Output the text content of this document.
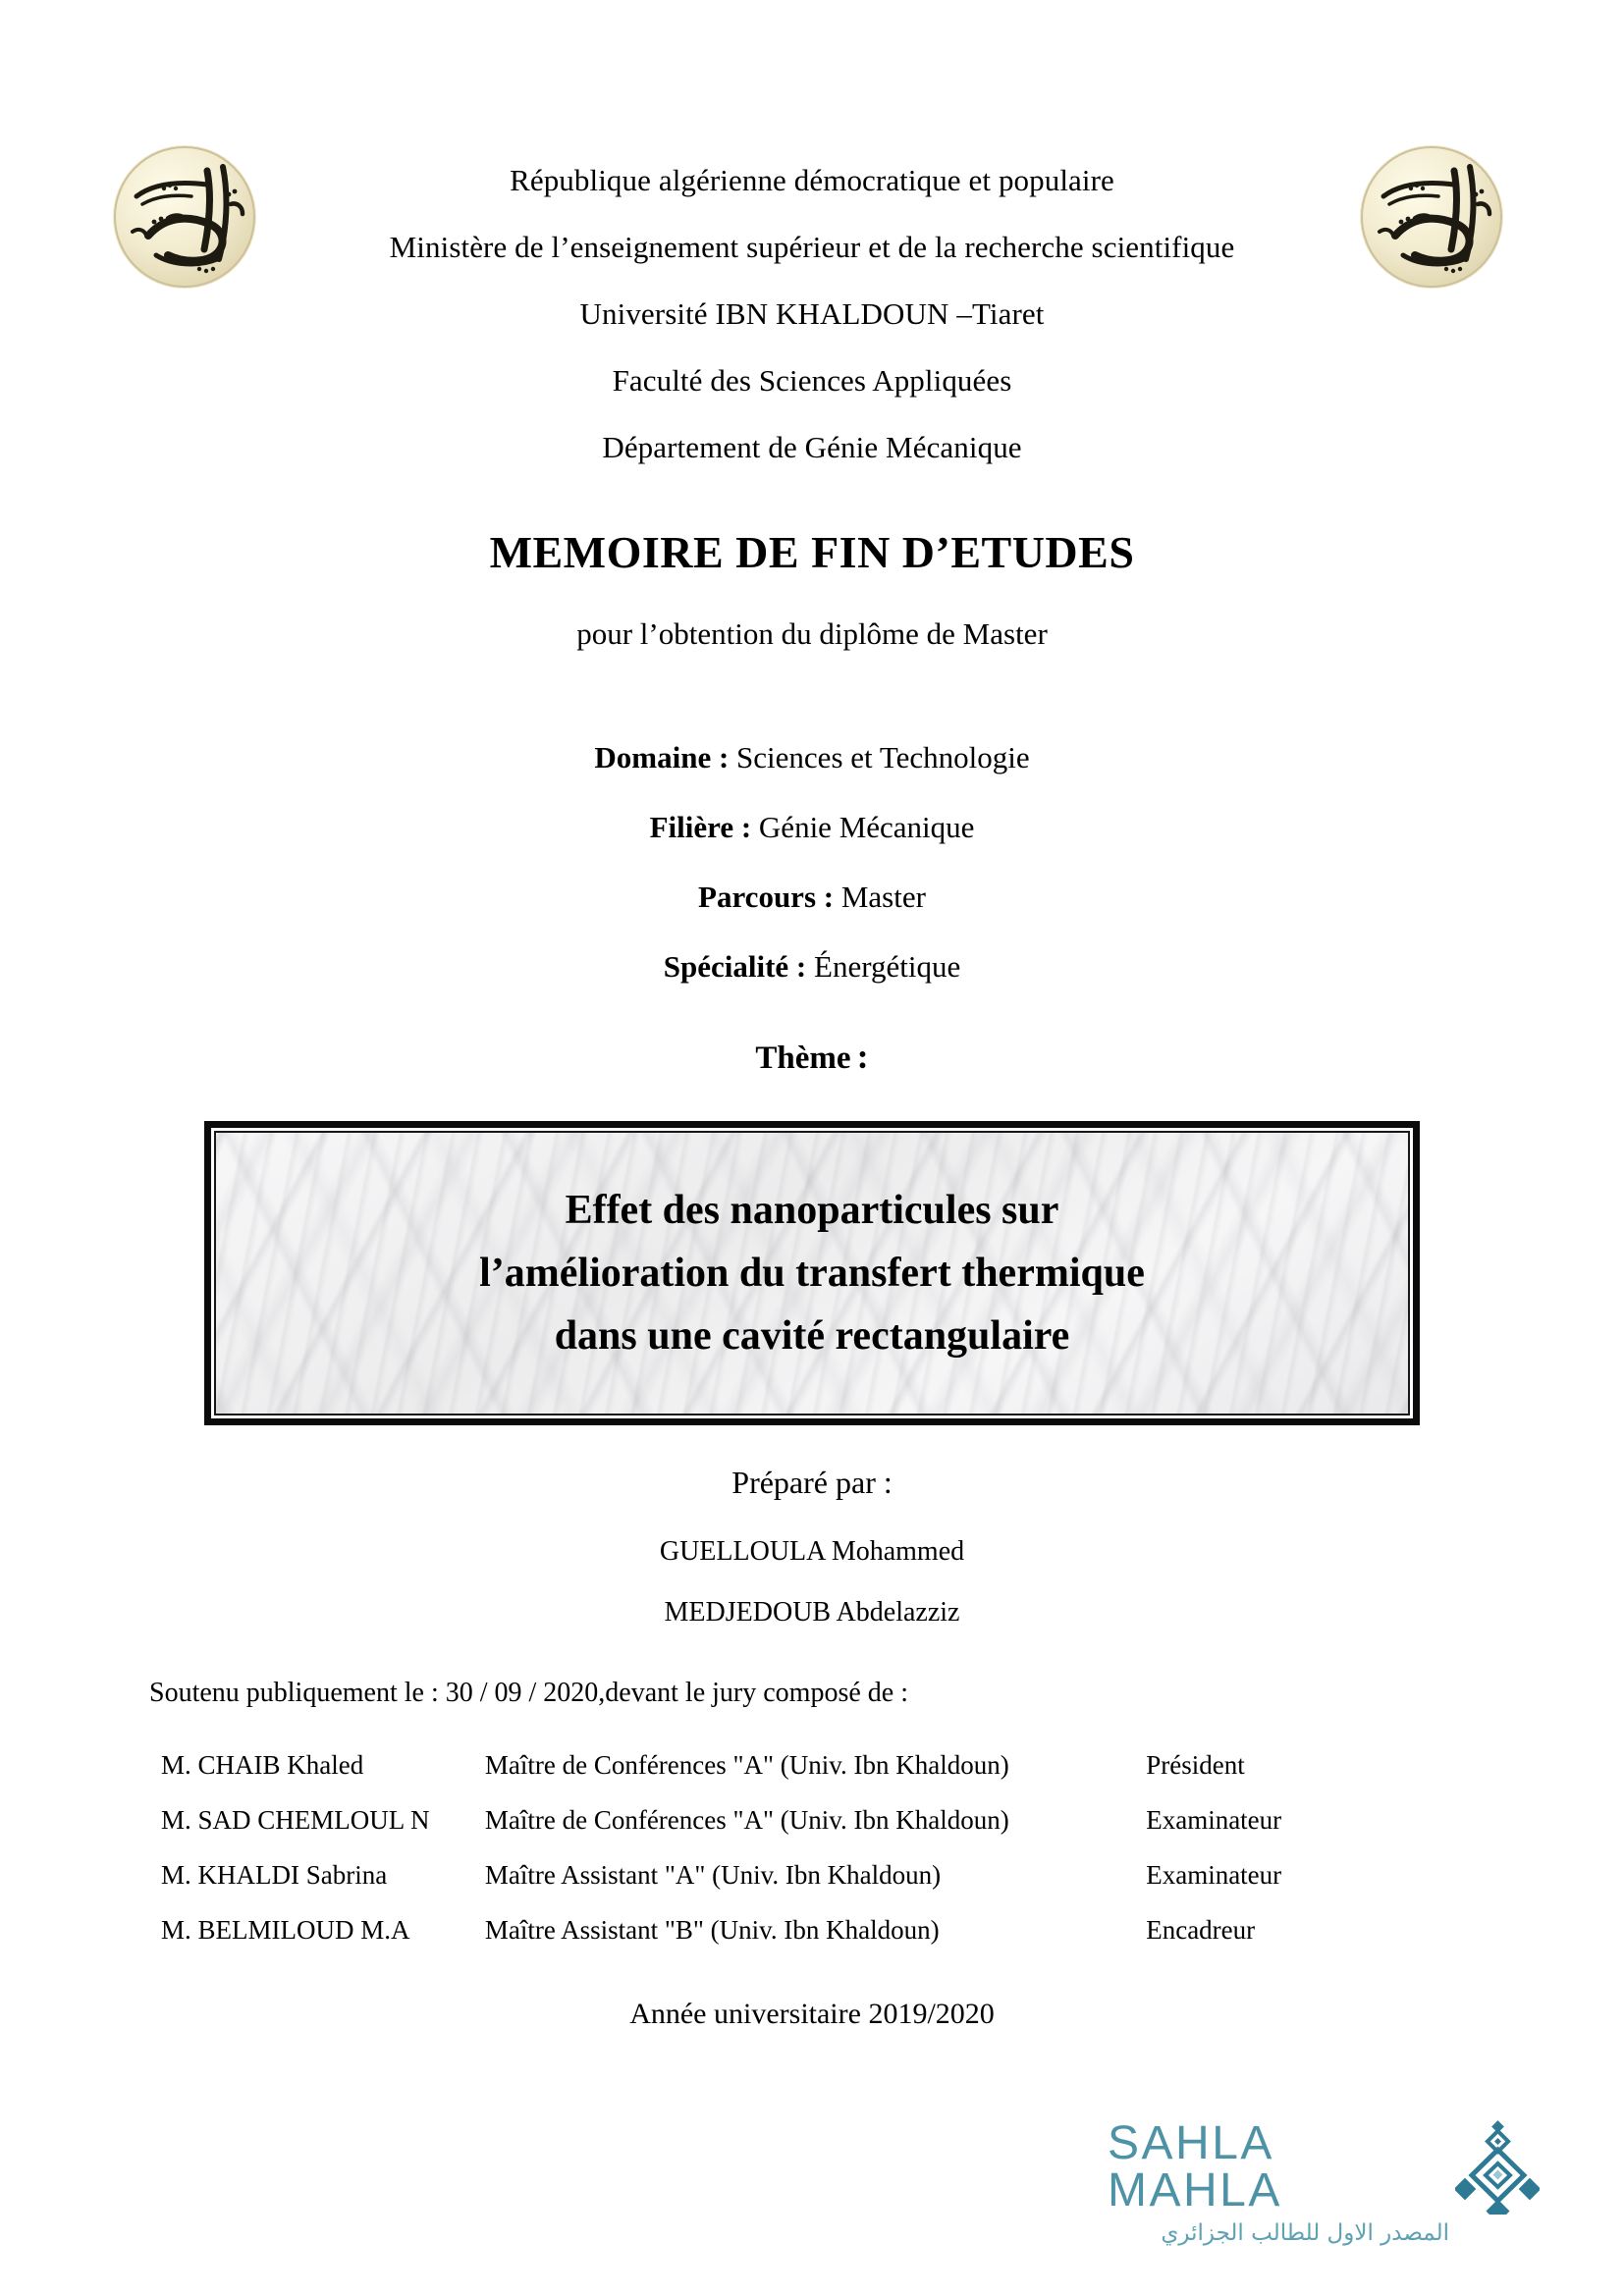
République algérienne démocratique et populaire
Ministère de l’enseignement supérieur et de la recherche scientifique
Université IBN KHALDOUN –Tiaret
Faculté des Sciences Appliquées
Département de Génie Mécanique
MEMOIRE DE FIN D’ETUDES
pour l’obtention du diplôme de Master
Domaine : Sciences et Technologie
Filière : Génie Mécanique
Parcours : Master
Spécialité : Énergétique
Thème :
Effet des nanoparticules sur
l’amélioration du transfert thermique
dans une cavité rectangulaire
Préparé par :
GUELLOULA Mohammed
MEDJEDOUB Abdelazziz
Soutenu publiquement le : 30 / 09 / 2020,devant le jury composé de :
M. CHAIB Khaled	Maître de Conférences "A" (Univ. Ibn Khaldoun)	Président
M. SAD CHEMLOUL N	Maître de Conférences "A" (Univ. Ibn Khaldoun)	Examinateur
M. KHALDI Sabrina	Maître Assistant "A" (Univ. Ibn Khaldoun)	Examinateur
M. BELMILOUD M.A	Maître Assistant "B" (Univ. Ibn Khaldoun)	Encadreur
Année universitaire 2019/2020
SAHLA MAHLA
المصدر الاول للطالب الجزائري
